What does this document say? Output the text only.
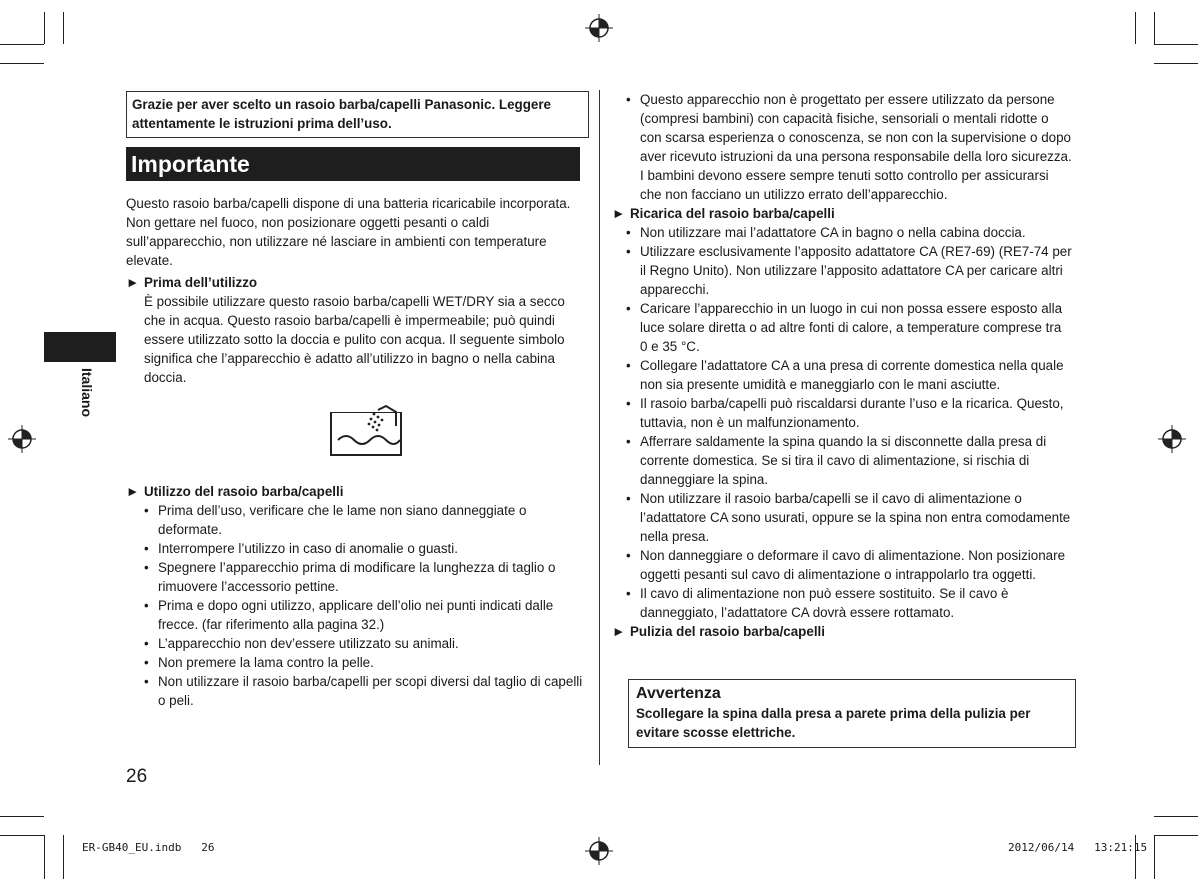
Italiano
Grazie per aver scelto un rasoio barba/capelli Panasonic. Leggere attentamente le istruzioni prima dell’uso.
Importante
Questo rasoio barba/capelli dispone di una batteria ricaricabile incorporata. Non gettare nel fuoco, non posizionare oggetti pesanti o caldi sull’apparecchio, non utilizzare né lasciare in ambienti con temperature elevate.
► Prima dell’utilizzo
È possibile utilizzare questo rasoio barba/capelli WET/DRY sia a secco che in acqua. Questo rasoio barba/capelli è impermeabile; può quindi essere utilizzato sotto la doccia e pulito con acqua. Il seguente simbolo significa che l’apparecchio è adatto all’utilizzo in bagno o nella cabina doccia.
► Utilizzo del rasoio barba/capelli
• Prima dell’uso, verificare che le lame non siano danneggiate o deformate.
• Interrompere l’utilizzo in caso di anomalie o guasti.
• Spegnere l’apparecchio prima di modificare la lunghezza di taglio o rimuovere l’accessorio pettine.
• Prima e dopo ogni utilizzo, applicare dell’olio nei punti indicati dalle frecce. (far riferimento alla pagina 32.)
• L’apparecchio non dev’essere utilizzato su animali.
• Non premere la lama contro la pelle.
• Non utilizzare il rasoio barba/capelli per scopi diversi dal taglio di capelli o peli.
26
• Questo apparecchio non è progettato per essere utilizzato da persone (compresi bambini) con capacità fisiche, sensoriali o mentali ridotte o con scarsa esperienza o conoscenza, se non con la supervisione o dopo aver ricevuto istruzioni da una persona responsabile della loro sicurezza. I bambini devono essere sempre tenuti sotto controllo per assicurarsi che non facciano un utilizzo errato dell’apparecchio.
► Ricarica del rasoio barba/capelli
• Non utilizzare mai l’adattatore CA in bagno o nella cabina doccia.
• Utilizzare esclusivamente l’apposito adattatore CA (RE7-69) (RE7-74 per il Regno Unito). Non utilizzare l’apposito adattatore CA per caricare altri apparecchi.
• Caricare l’apparecchio in un luogo in cui non possa essere esposto alla luce solare diretta o ad altre fonti di calore, a temperature comprese tra 0 e 35 °C.
• Collegare l’adattatore CA a una presa di corrente domestica nella quale non sia presente umidità e maneggiarlo con le mani asciutte.
• Il rasoio barba/capelli può riscaldarsi durante l’uso e la ricarica. Questo, tuttavia, non è un malfunzionamento.
• Afferrare saldamente la spina quando la si disconnette dalla presa di corrente domestica. Se si tira il cavo di alimentazione, si rischia di danneggiare la spina.
• Non utilizzare il rasoio barba/capelli se il cavo di alimentazione o l’adattatore CA sono usurati, oppure se la spina non entra comodamente nella presa.
• Non danneggiare o deformare il cavo di alimentazione. Non posizionare oggetti pesanti sul cavo di alimentazione o intrappolarlo tra oggetti.
• Il cavo di alimentazione non può essere sostituito. Se il cavo è danneggiato, l’adattatore CA dovrà essere rottamato.
► Pulizia del rasoio barba/capelli
Avvertenza
Scollegare la spina dalla presa a parete prima della pulizia per evitare scosse elettriche.
ER-GB40_EU.indb   26	2012/06/14   13:21:15
